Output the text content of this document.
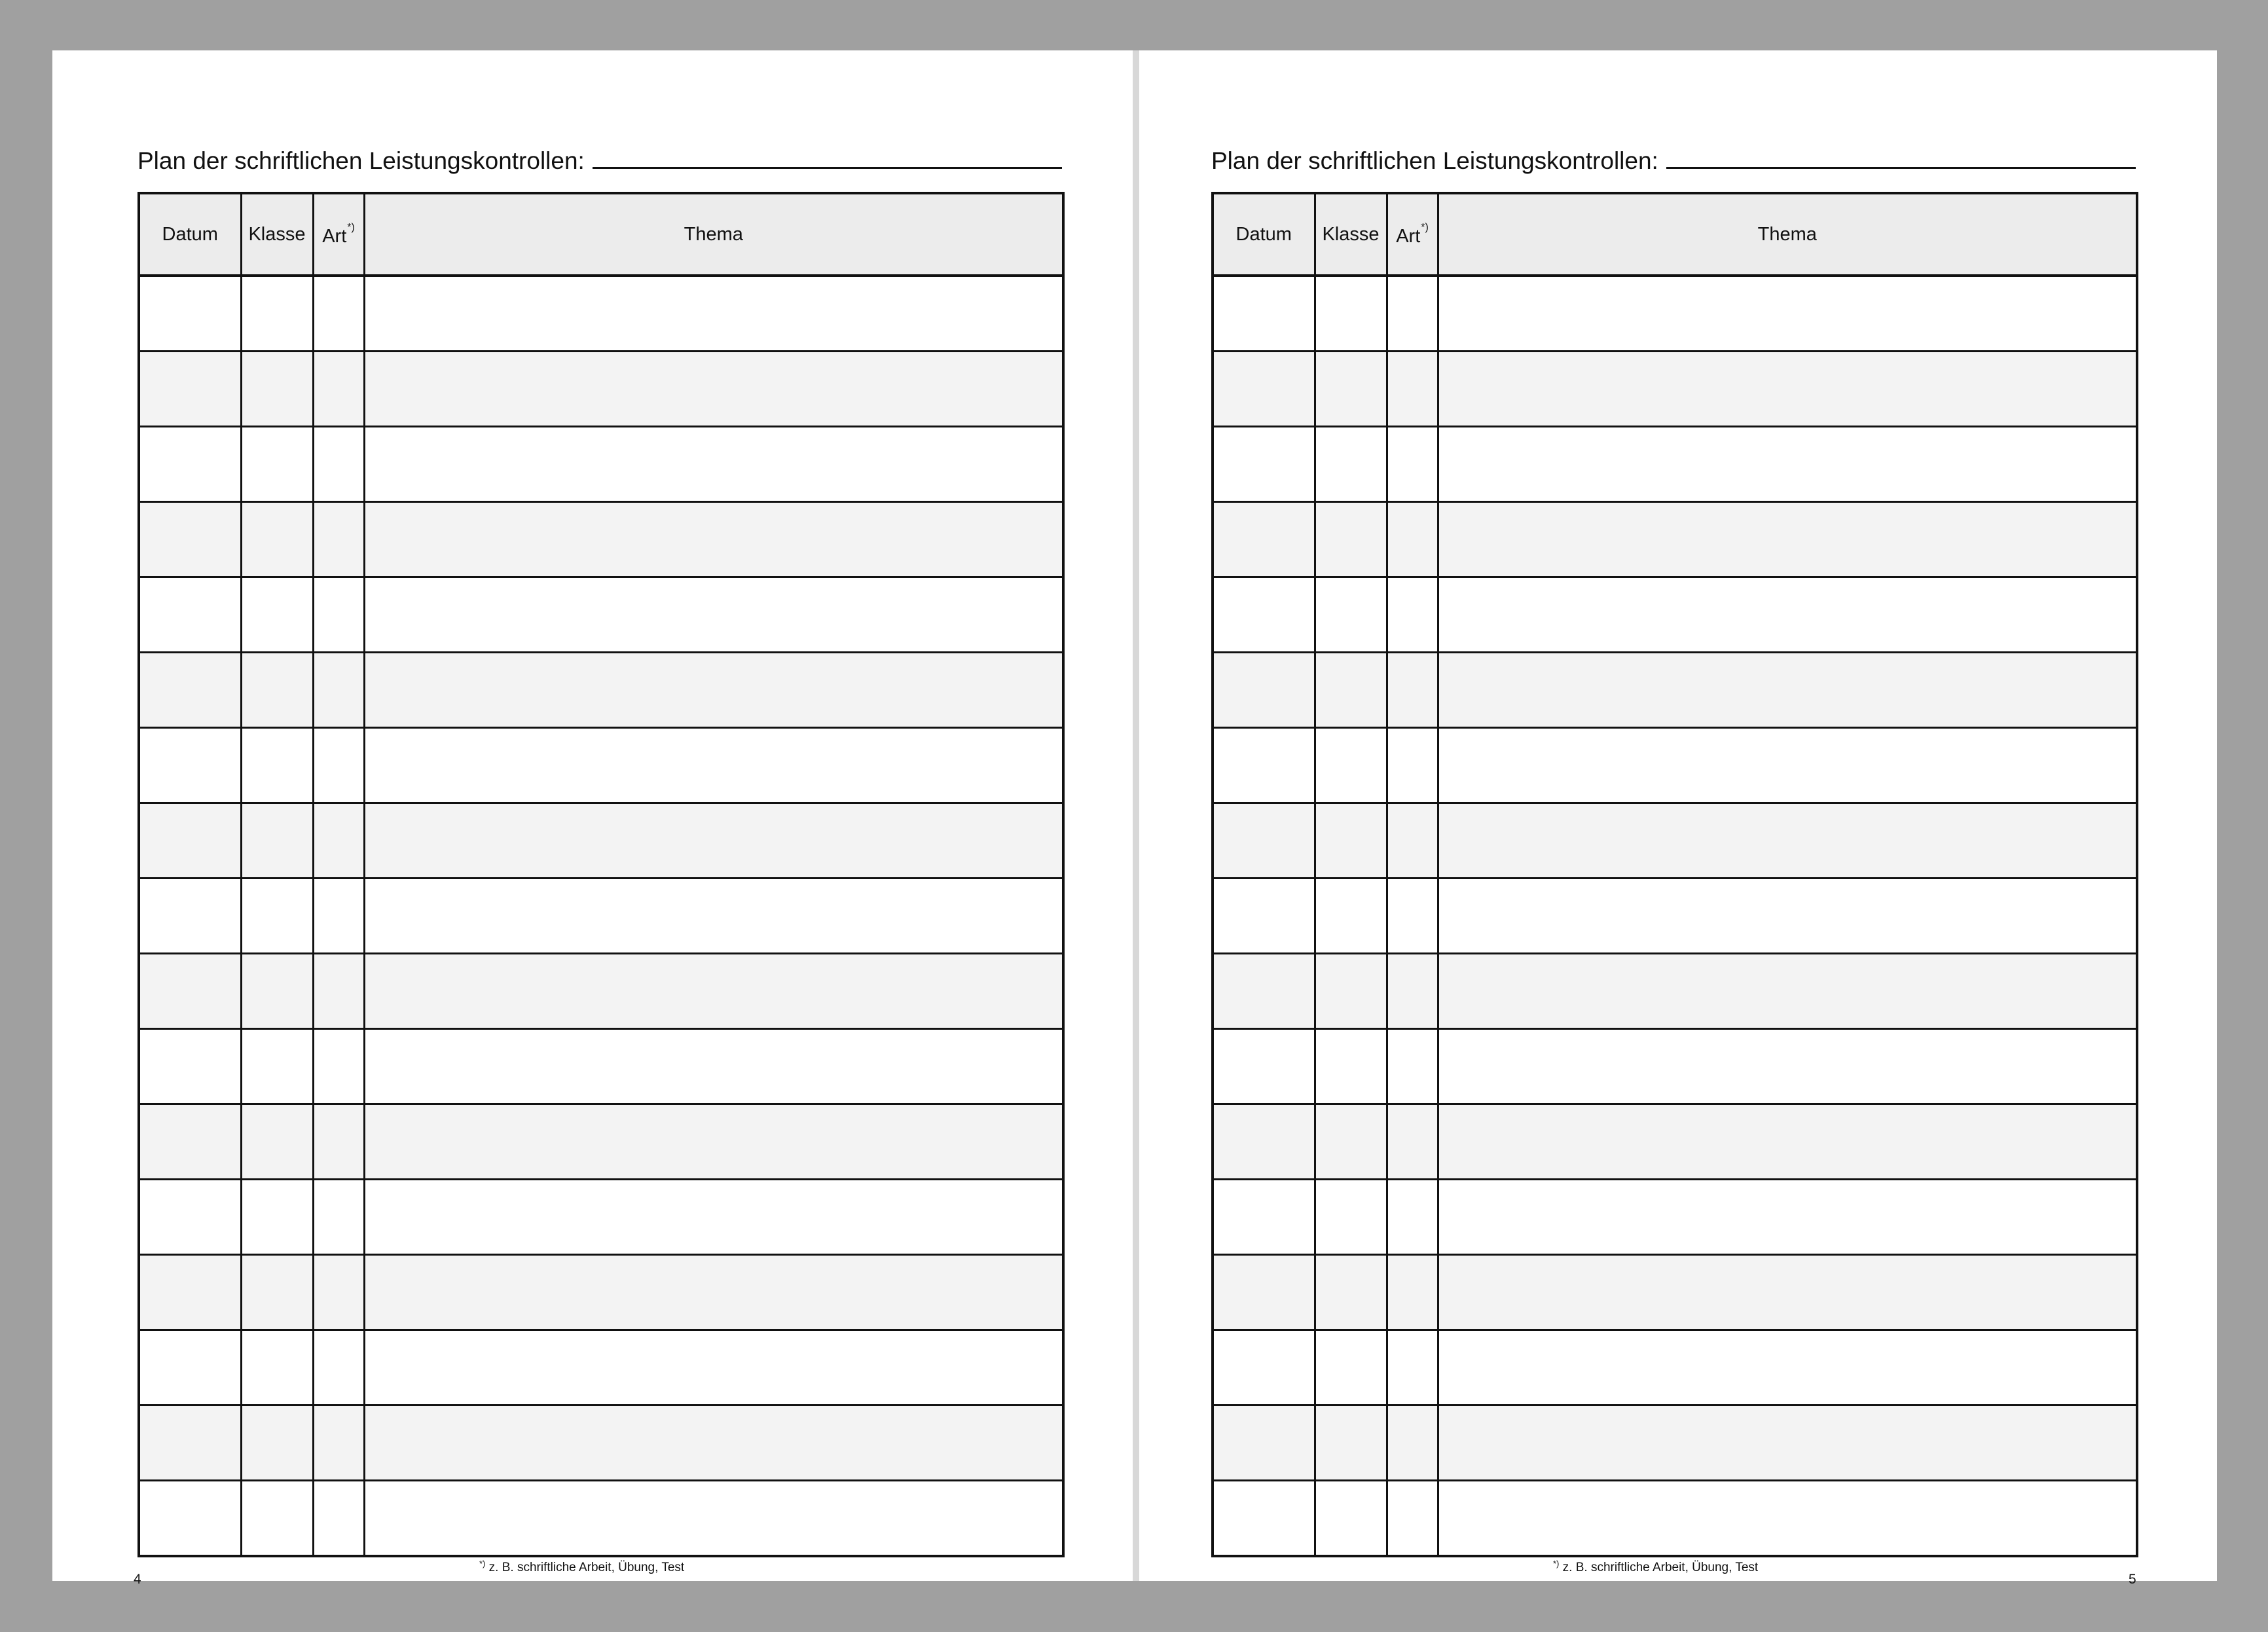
Plan der schriftlichen Leistungskontrollen:
Datum	Klasse	Art*)	Thema

*) z. B. schriftliche Arbeit, Übung, Test
4
Plan der schriftlichen Leistungskontrollen:
Datum	Klasse	Art*)	Thema

*) z. B. schriftliche Arbeit, Übung, Test
5
